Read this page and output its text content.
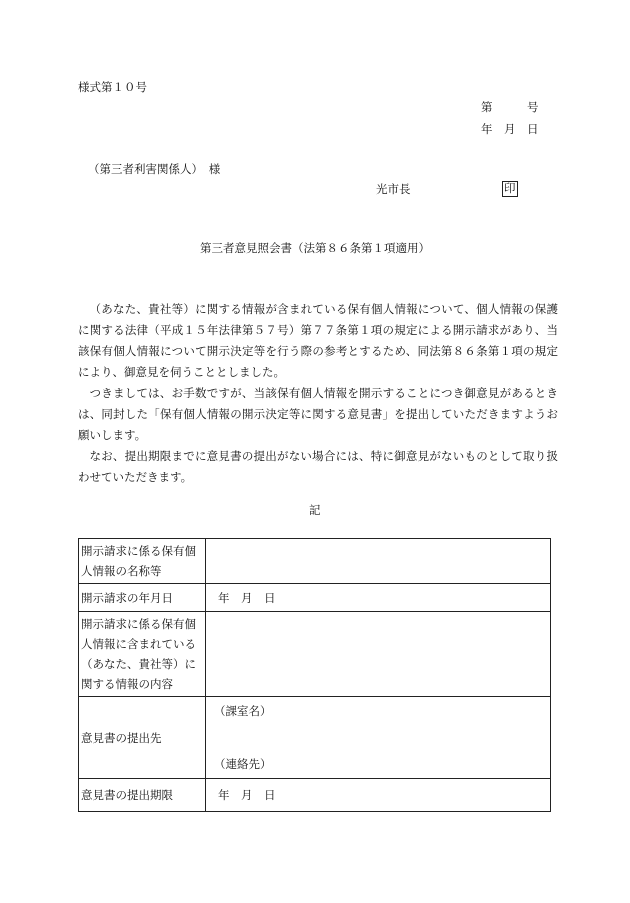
様式第１０号
第　　　号
年　月　日
（第三者利害関係人）　様
光市長	印
第三者意見照会書（法第８６条第１項適用）

（あなた、貴社等）に関する情報が含まれている保有個人情報について、個人情報の保護に関する法律（平成１５年法律第５７号）第７７条第１項の規定による開示請求があり、当該保有個人情報について開示決定等を行う際の参考とするため、同法第８６条第１項の規定により、御意見を伺うこととしました。

つきましては、お手数ですが、当該保有個人情報を開示することにつき御意見があるときは、同封した「保有個人情報の開示決定等に関する意見書」を提出していただきますようお願いします。

なお、提出期限までに意見書の提出がない場合には、特に御意見がないものとして取り扱わせていただきます。

記
開示請求に係る保有個人情報の名称等	
開示請求の年月日	年　月　日
開示請求に係る保有個人情報に含まれている（あなた、貴社等）に関する情報の内容	
意見書の提出先	（課室名）
（連絡先）

意見書の提出期限	年　月　日
